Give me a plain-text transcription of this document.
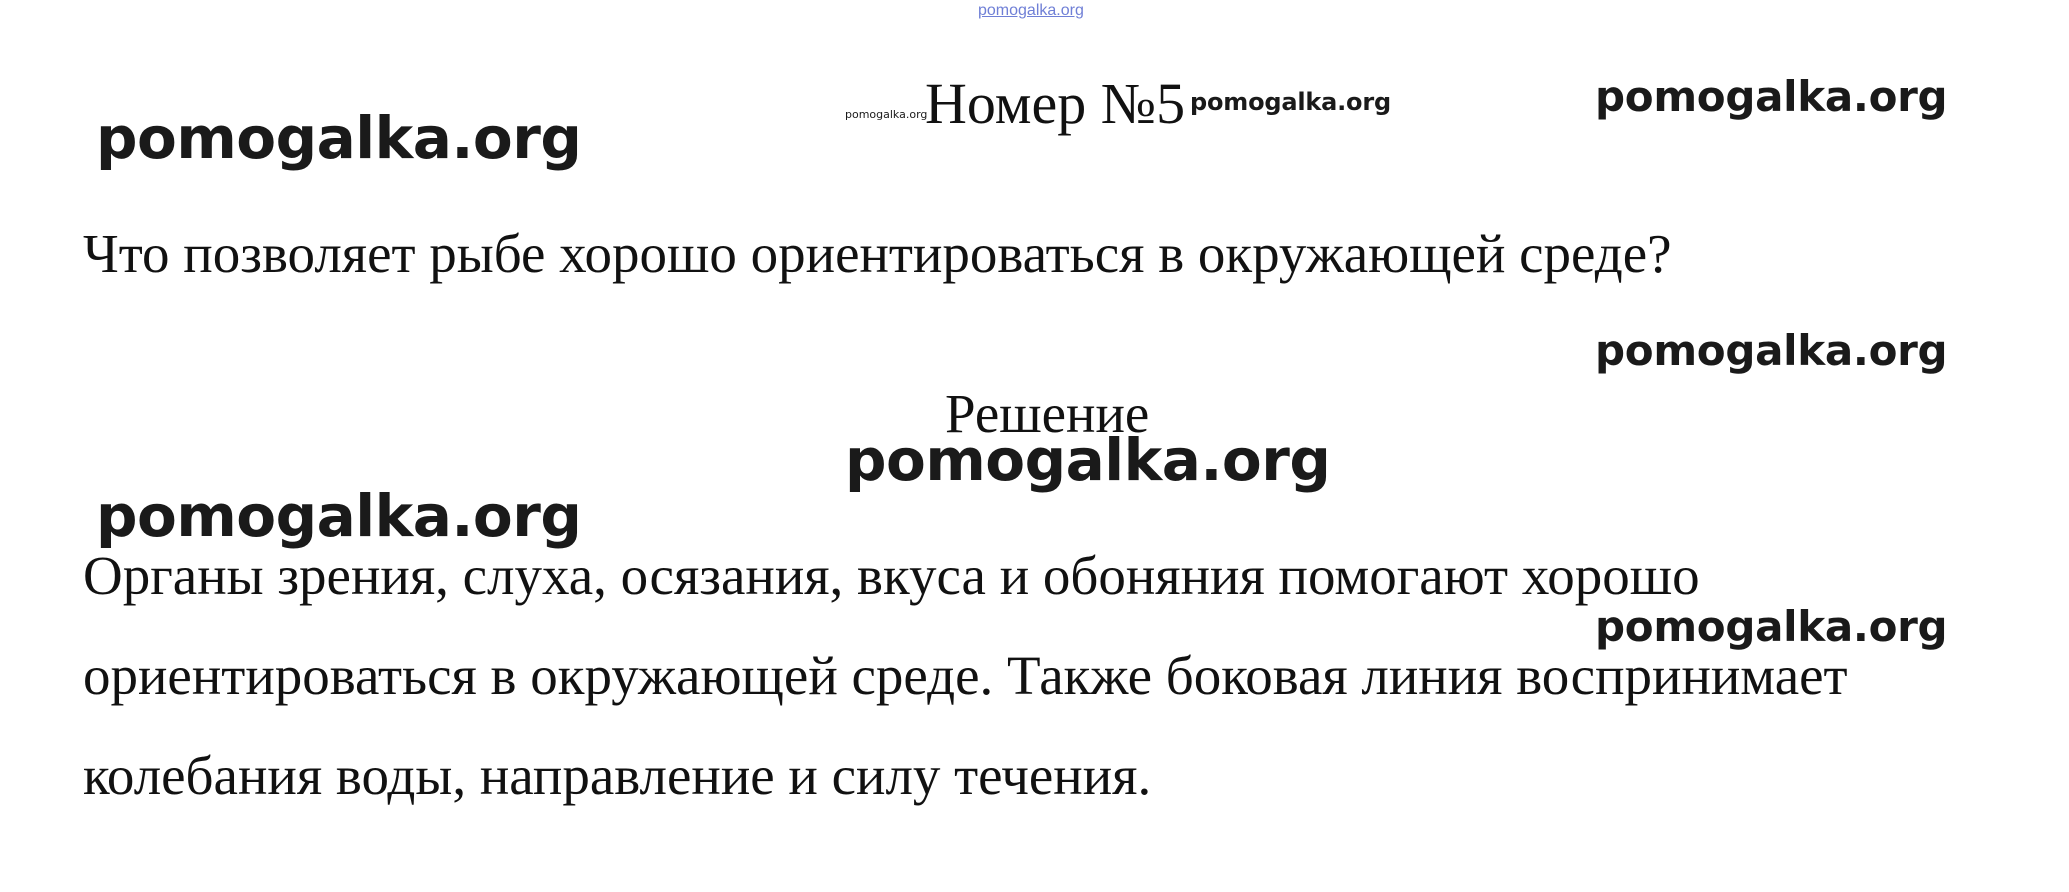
pomogalka.org
pomogalka.org	pomogalka.org	pomogalka.org
pomogalka.org
pomogalka.org
pomogalka.org
pomogalka.org
pomogalka.org
Номер №5
Что позволяет рыбе хорошо ориентироваться в окружающей среде?
Решение
Органы зрения, слуха, осязания, вкуса и обоняния помогают хорошо
ориентироваться в окружающей среде. Также боковая линия воспринимает
колебания воды, направление и силу течения.
